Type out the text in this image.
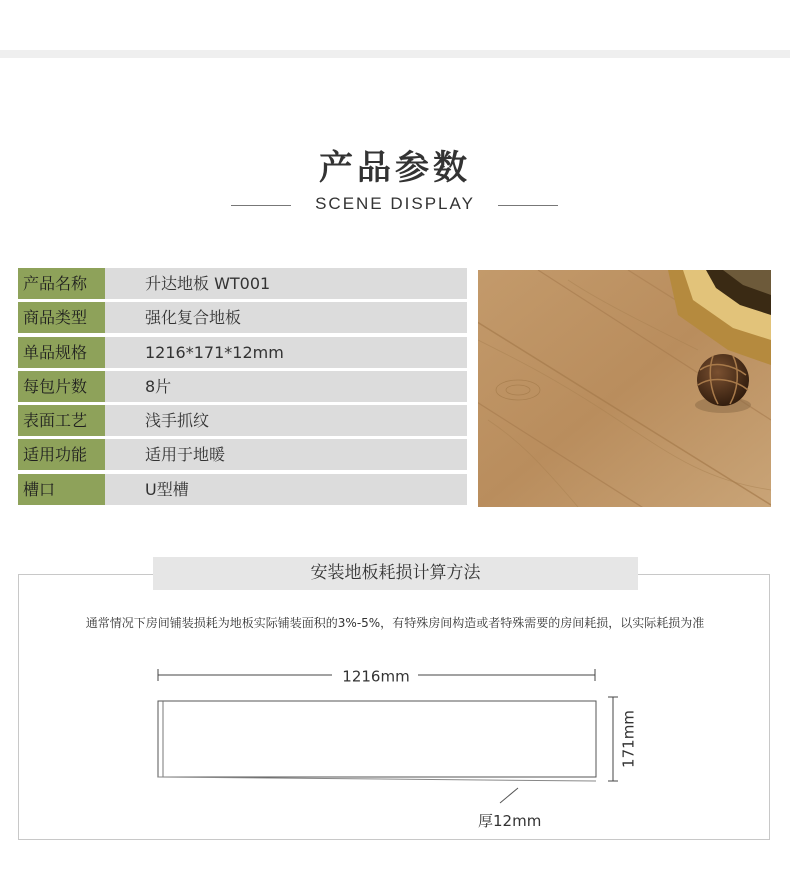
产品参数
SCENE DISPLAY
产品名称	升达地板 WT001
商品类型	强化复合地板
单品规格	1216*171*12mm
每包片数	8片
表面工艺	浅手抓纹
适用功能	适用于地暖
槽口	U型槽
安装地板耗损计算方法
通常情况下房间铺装损耗为地板实际铺装面积的3%-5%，有特殊房间构造或者特殊需要的房间耗损，以实际耗损为准
1216mm
171mm
厚12mm
